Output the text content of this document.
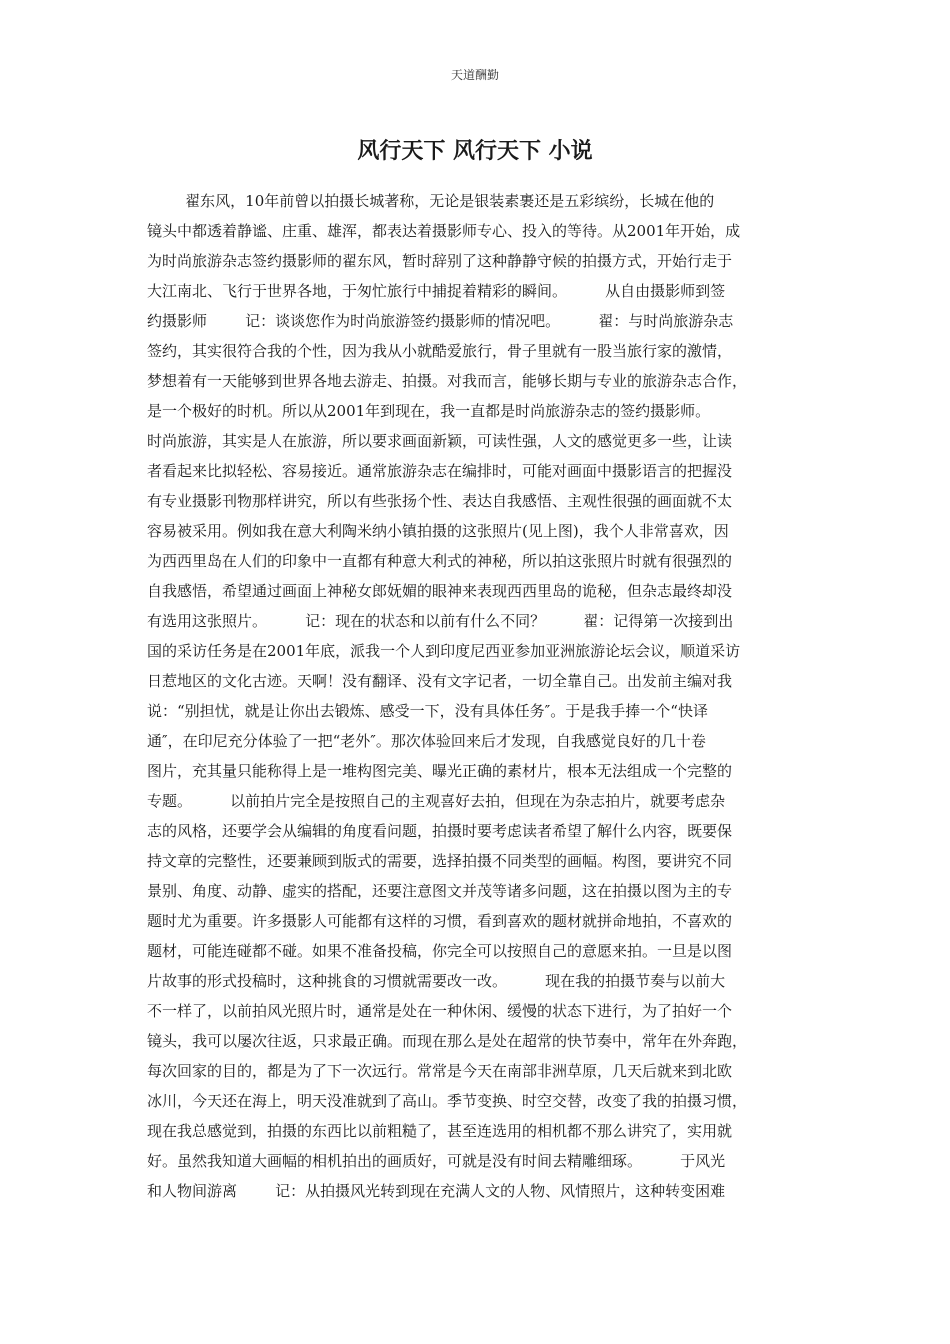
天道酬勤
风行天下 风行天下 小说
翟东风，10年前曾以拍摄长城著称，无论是银装素裹还是五彩缤纷，长城在他的
镜头中都透着静谧、庄重、雄浑，都表达着摄影师专心、投入的等待。从2001年开始，成
为时尚旅游杂志签约摄影师的翟东风，暂时辞别了这种静静守候的拍摄方式，开始行走于
大江南北、飞行于世界各地，于匆忙旅行中捕捉着精彩的瞬间。        从自由摄影师到签
约摄影师        记：谈谈您作为时尚旅游签约摄影师的情况吧。        翟：与时尚旅游杂志
签约，其实很符合我的个性，因为我从小就酷爱旅行，骨子里就有一股当旅行家的激情，
梦想着有一天能够到世界各地去游走、拍摄。对我而言，能够长期与专业的旅游杂志合作，
是一个极好的时机。所以从2001年到现在，我一直都是时尚旅游杂志的签约摄影师。
时尚旅游，其实是人在旅游，所以要求画面新颖，可读性强，人文的感觉更多一些，让读
者看起来比拟轻松、容易接近。通常旅游杂志在编排时，可能对画面中摄影语言的把握没
有专业摄影刊物那样讲究，所以有些张扬个性、表达自我感悟、主观性很强的画面就不太
容易被采用。例如我在意大利陶米纳小镇拍摄的这张照片(见上图)，我个人非常喜欢，因
为西西里岛在人们的印象中一直都有种意大利式的神秘，所以拍这张照片时就有很强烈的
自我感悟，希望通过画面上神秘女郎妩媚的眼神来表现西西里岛的诡秘，但杂志最终却没
有选用这张照片。        记：现在的状态和以前有什么不同？        翟：记得第一次接到出
国的采访任务是在2001年底，派我一个人到印度尼西亚参加亚洲旅游论坛会议，顺道采访
日惹地区的文化古迹。天啊！没有翻译、没有文字记者，一切全靠自己。出发前主编对我
说：“别担忧，就是让你出去锻炼、感受一下，没有具体任务″。于是我手捧一个“快译
通″，在印尼充分体验了一把“老外″。那次体验回来后才发现，自我感觉良好的几十卷
图片，充其量只能称得上是一堆构图完美、曝光正确的素材片，根本无法组成一个完整的
专题。        以前拍片完全是按照自己的主观喜好去拍，但现在为杂志拍片，就要考虑杂
志的风格，还要学会从编辑的角度看问题，拍摄时要考虑读者希望了解什么内容，既要保
持文章的完整性，还要兼顾到版式的需要，选择拍摄不同类型的画幅。构图，要讲究不同
景别、角度、动静、虚实的搭配，还要注意图文并茂等诸多问题，这在拍摄以图为主的专
题时尤为重要。许多摄影人可能都有这样的习惯，看到喜欢的题材就拼命地拍，不喜欢的
题材，可能连碰都不碰。如果不准备投稿，你完全可以按照自己的意愿来拍。一旦是以图
片故事的形式投稿时，这种挑食的习惯就需要改一改。        现在我的拍摄节奏与以前大
不一样了，以前拍风光照片时，通常是处在一种休闲、缓慢的状态下进行，为了拍好一个
镜头，我可以屡次往返，只求最正确。而现在那么是处在超常的快节奏中，常年在外奔跑，
每次回家的目的，都是为了下一次远行。常常是今天在南部非洲草原，几天后就来到北欧
冰川，今天还在海上，明天没准就到了高山。季节变换、时空交替，改变了我的拍摄习惯，
现在我总感觉到，拍摄的东西比以前粗糙了，甚至连选用的相机都不那么讲究了，实用就
好。虽然我知道大画幅的相机拍出的画质好，可就是没有时间去精雕细琢。        于风光
和人物间游离        记：从拍摄风光转到现在充满人文的人物、风情照片，这种转变困难
